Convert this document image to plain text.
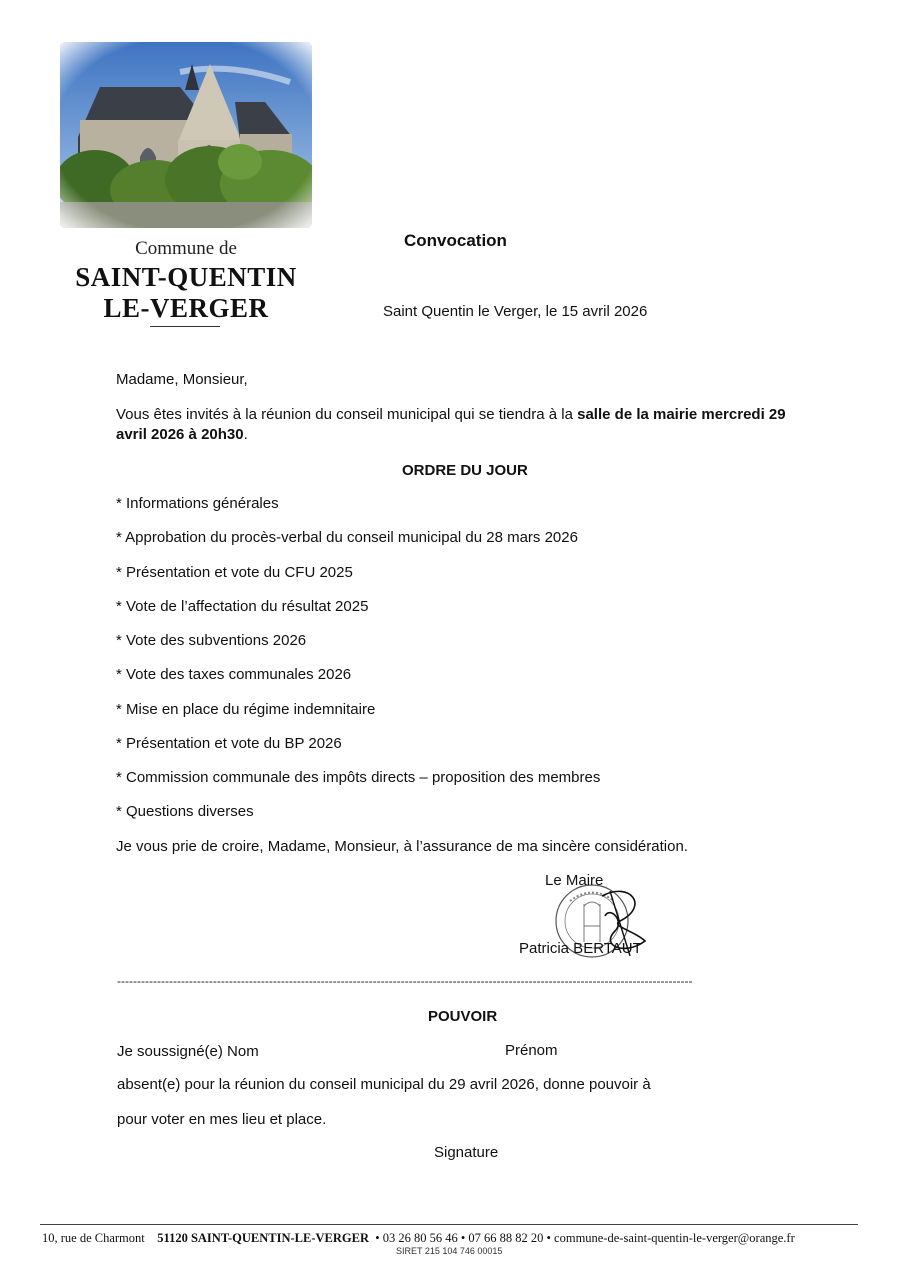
Commune de
SAINT-QUENTIN
LE-VERGER
Convocation
Saint Quentin le Verger, le 15 avril 2026
Madame, Monsieur,
Vous êtes invités à la réunion du conseil municipal qui se tiendra à la salle de la mairie mercredi 29
avril 2026 à 20h30.
ORDRE DU JOUR
* Informations générales
* Approbation du procès-verbal du conseil municipal du 28 mars 2026
* Présentation et vote du CFU 2025
* Vote de l’affectation du résultat 2025
* Vote des subventions 2026
* Vote des taxes communales 2026
* Mise en place du régime indemnitaire
* Présentation et vote du BP 2026
* Commission communale des impôts directs – proposition des membres
* Questions diverses
Je vous prie de croire, Madame, Monsieur, à l’assurance de ma sincère considération.
Le Maire
Patricia BERTAUT
------------------------------------------------------------------------------------------------------------------------------------------------
POUVOIR
Je soussigné(e) Nom	Prénom
absent(e) pour la réunion du conseil municipal du 29 avril 2026, donne pouvoir à
pour voter en mes lieu et place.
Signature
10, rue de Charmont 51120 SAINT-QUENTIN-LE-VERGER • 03 26 80 56 46 • 07 66 88 82 20 • commune-de-saint-quentin-le-verger@orange.fr
SIRET 215 104 746 00015
